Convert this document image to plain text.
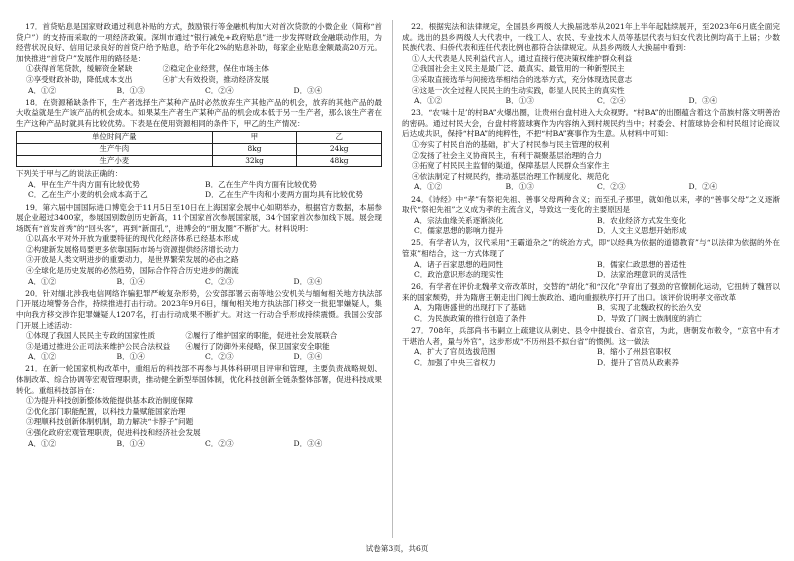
17．首贷贴息是国家财政通过利息补贴的方式，鼓励银行等金融机构加大对首次贷款的小微企业（简称“首贷户”）的支持而采取的一项经济政策。深圳市通过“银行减免+政府贴息”进一步发挥财政金融联动作用，为经营状况良好、信用记录良好的首贷户给予贴息，给予年化2%的贴息补助，每家企业贴息金额最高20万元。加快推进“首贷户”发展作用的路径是：

①获得首笔贷款，缓解资金紧缺　　　　②稳定企业经营，保住市场主体

③享受财政补助，降低成本支出　　　　④扩大有效投资，推动经济发展

A．①②	B．①③	C．②④	D．③④

18．在资源稀缺条件下，生产者选择生产某种产品时必然放弃生产其他产品的机会，放弃的其他产品的最大收益就是生产该产品的机会成本。如果某生产者生产某种产品的机会成本低于另一生产者，那么该生产者在生产这种产品时就具有比较优势。下表是在使用资源相同的条件下，甲乙的生产情况：

单位时间产量	甲	乙
生产牛肉	8kg	24kg
生产小麦	32kg	48kg

下列关于甲与乙的说法正确的：

A．甲在生产牛肉方面有比较优势	B．乙在生产牛肉方面有比较优势
C．乙在生产小麦的机会成本高于乙	D．乙在生产牛肉和小麦两方面均具有比较优势

19．第六届中国国际进口博览会于11月5日至10日在上海国家会展中心如期举办，根据官方数据，本届参展企业超过3400家，参展国别数创历史新高，11个国家首次参展国家展，34个国家首次参加线下展。展会现场既有“首发首秀”的“回头客”，再到“新面孔”，进博会的“朋友圈”不断扩大。材料说明：

①以高水平对外开放为重要特征的现代化经济体系已经基本形成

②构建新发展格局要更多依靠国际市场与资源提供经济增长动力

③开放是人类文明进步的重要动力，是世界繁荣发展的必由之路

④全球化是历史发展的必然趋势，国际合作符合历史进步的潮流

A．①②	B．①④	C．②③	D．③④

20．针对缅北涉我电信网络诈骗犯罪严峻复杂形势，公安部部署云南等地公安机关与缅甸相关地方执法部门开展边境警务合作，持续推进打击行动。2023年9月6日，缅甸相关地方执法部门移交一批犯罪嫌疑人，集中向我方移交涉诈犯罪嫌疑人1207名，打击行动成果不断扩大。对这一行动合乎形成持续震慑。我国公安部门开展上述活动：

①体现了我国人民民主专政的国家性质　　　　②履行了维护国家的职能，促进社会发展联合

③是通过推进公正司法来维护公民合法权益　　④履行了防御外来侵略，保卫国家安全职能

A．①②	B．①④	C．②③	D．③④

21．在新一轮国家机构改革中，重组后的科技部不再参与具体科研项目评审和管理，主要负责战略规划、体制改革、综合协调等宏观管理职责，推动健全新型举国体制，优化科技创新全链条整体部署，促进科技成果转化。重组科技部旨在：

①为提升科技创新整体效能提供基本政治制度保障

②优化部门职能配置，以科技力量赋能国家治理

③理顺科技创新体制机制，助力解决“卡脖子”问题

④强化政府宏观管理职责，促进科技和经济社会发展

A．①②	B．①④	C．②③	D．③④

22．根据宪法和法律规定，全国县乡两级人大换届选举从2021年上半年起陆续展开，至2023年6月底全面完成。选出的县乡两级人大代表中，一线工人、农民、专业技术人员等基层代表与妇女代表比例均高于上届；少数民族代表、归侨代表和连任代表比例也都符合法律规定。从县乡两级人大换届中看到：

①人大代表是人民利益代言人，通过直接行使决策权维护群众利益

②我国社会主义民主是最广泛、最真实、最管用的一种新型民主

③采取直接选举与间接选举相结合的选举方式，充分体现选民意志

④这是一次全过程人民民主的生动实践，彰显人民民主的真实性

A．①②	B．①③	C．②④	D．③④

23．“农‘味十足’的村BA”火爆出圈，让贵州台盘村进入大众视野。“村BA”的出圈蕴含着这个苗族村落文明善治的密码。通过村民大会，台盘村将篮球赛作为内容纳入到村规民约当中；村委会、村篮球协会和村民组讨论商议后达成共识，保持“村BA”的纯粹性，不把“村BA”赛事作为生意。从材料中可知：

①夯实了村民自治的基础，扩大了村民参与民主管理的权利

②发扬了社会主义协商民主，有利于凝聚基层治理的合力

③拓宽了村民民主监督的渠道，保障基层人民群众当家作主

④依法制定了村规民约，推动基层治理工作制度化、规范化

A．①②	B．①③	C．②③	D．②④

24．《诗经》中“孝”有祭祀先祖、善事父母两种含义；而至孔子那里，就如他以来，孝的“善事父母”之义逐渐取代“祭祀先祖”之义成为孝的主流含义，导致这一变化的主要原因是

A．宗法血缘关系逐渐淡化	B．农业经济方式发生变化
C．儒家思想的影响力提升	D．人文主义思想开始形成

25．有学者认为，汉代采用“王霸道杂之”的统治方式，即“以经典为依据的道德教育”与“以法律为依据的外在管束”相结合，这一方式体现了

A．诸子百家思想的趋同性	B．儒家仁政思想的普适性
C．政治意识形态的现实性	D．法家治理意识的灵活性

26．有学者在评价北魏孝文帝改革时，交替的“胡化”和“汉化”孕育出了强劲的官僚制化运动，它扭转了魏晋以来的国家颓势，并为隋唐王朝走出门阀士族政治、通向重振秩序打开了出口。该评价说明孝文帝改革

A．为隋唐盛世的出现打下了基础	B．实现了北魏政权的长治久安
C．为民族政策的推行创造了条件	D．导致了门阀士族制度的消亡

27．708年，兵部尚书韦嗣立上疏建议从刺史、县令中提拔台、省京官，为此，唐朝发布敕令，“京官中有才干堪治人者，量与外官”，这步形成“不历州县不拟台省”的惯例。这一做法

A．扩大了官员选拔范围	B．缩小了州县官职权
C．加强了中央三省权力	D．提升了官员从政素养
试卷第3页，共6页
